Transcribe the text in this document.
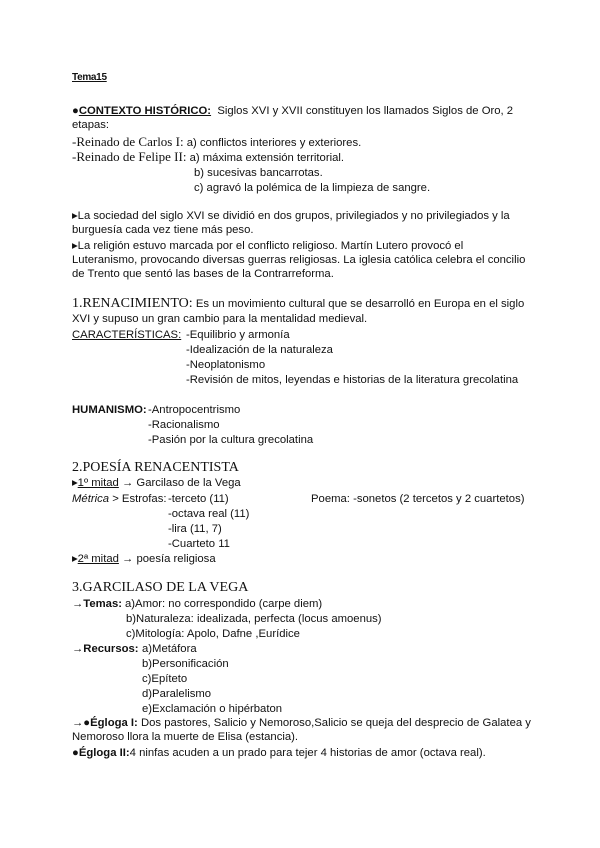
Tema15
●CONTEXTO HISTÓRICO: Siglos XVI y XVII constituyen los llamados Siglos de Oro, 2 etapas:
-Reinado de Carlos I: a) conflictos interiores y exteriores.
-Reinado de Felipe II: a) máxima extensión territorial.
b) sucesivas bancarrotas.
c) agravó la polémica de la limpieza de sangre.
▸La sociedad del siglo XVI se dividió en dos grupos, privilegiados y no privilegiados y la burguesía cada vez tiene más peso.
▸La religión estuvo marcada por el conflicto religioso. Martín Lutero provocó el Luteranismo, provocando diversas guerras religiosas. La iglesia católica celebra el concilio de Trento que sentó las bases de la Contrarreforma.
1.RENACIMIENTO: Es un movimiento cultural que se desarrolló en Europa en el siglo XVI y supuso un gran cambio para la mentalidad medieval.
CARACTERÍSTICAS: -Equilibrio y armonía
-Idealización de la naturaleza
-Neoplatonismo
-Revisión de mitos, leyendas e historias de la literatura grecolatina
HUMANISMO: -Antropocentrismo
-Racionalismo
-Pasión por la cultura grecolatina
2.POESÍA RENACENTISTA
▸1º mitad → Garcilaso de la Vega
Métrica > Estrofas: -terceto (11)	Poema: -sonetos (2 tercetos y 2 cuartetos)
-octava real (11)
-lira (11, 7)
-Cuarteto 11
▸2ª mitad → poesía religiosa
3.GARCILASO DE LA VEGA
→Temas: a)Amor: no correspondido (carpe diem)
b)Naturaleza: idealizada, perfecta (locus amoenus)
c)Mitología: Apolo, Dafne ,Eurídice
→Recursos: a)Metáfora
b)Personificación
c)Epíteto
d)Paralelismo
e)Exclamación o hipérbaton
→●Égloga I: Dos pastores, Salicio y Nemoroso,Salicio se queja del desprecio de Galatea y Nemoroso llora la muerte de Elisa (estancia).
●Égloga II:4 ninfas acuden a un prado para tejer 4 historias de amor (octava real).
